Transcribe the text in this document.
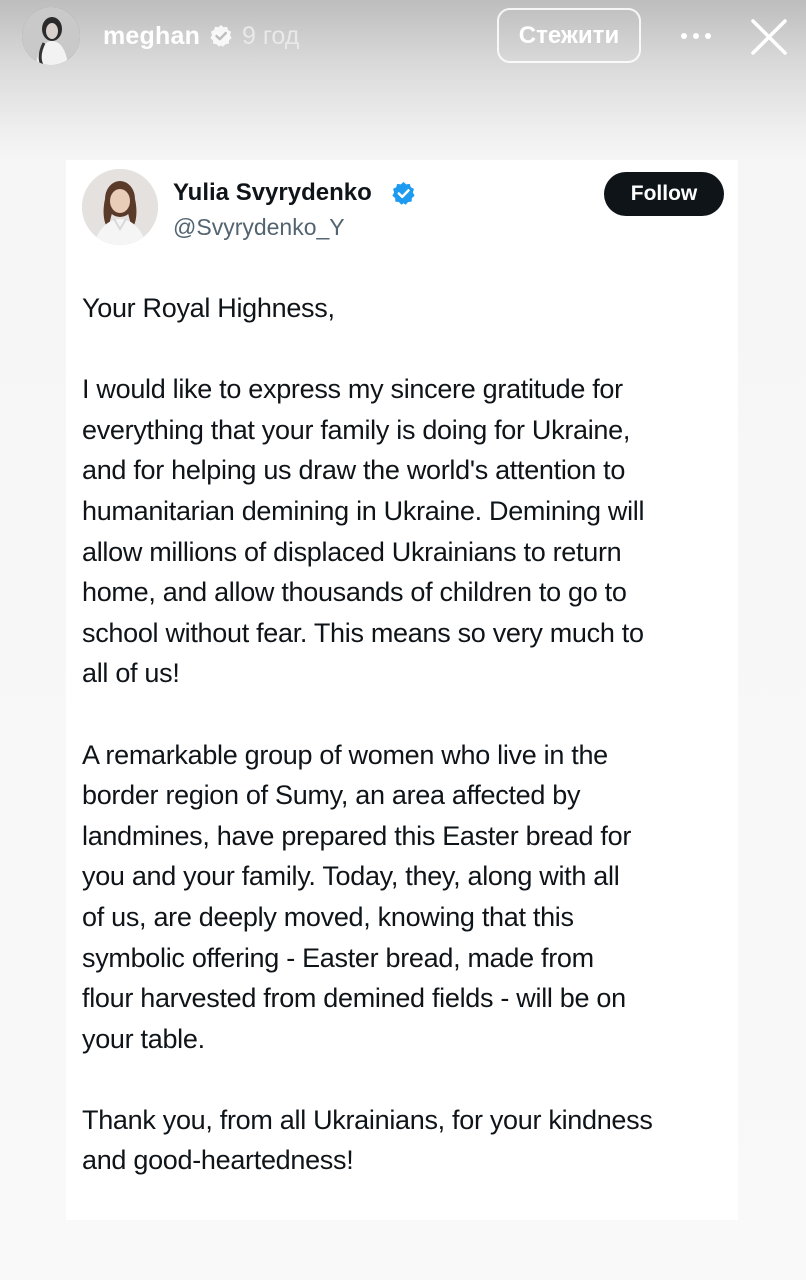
meghan 9 год	Стежити
Yulia Svyrydenko
@Svyrydenko_Y
Follow

Your Royal Highness,

I would like to express my sincere gratitude for
everything that your family is doing for Ukraine,
and for helping us draw the world's attention to
humanitarian demining in Ukraine. Demining will
allow millions of displaced Ukrainians to return
home, and allow thousands of children to go to
school without fear. This means so very much to
all of us!

A remarkable group of women who live in the
border region of Sumy, an area affected by
landmines, have prepared this Easter bread for
you and your family. Today, they, along with all
of us, are deeply moved, knowing that this
symbolic offering - Easter bread, made from
flour harvested from demined fields - will be on
your table.

Thank you, from all Ukrainians, for your kindness
and good-heartedness!
